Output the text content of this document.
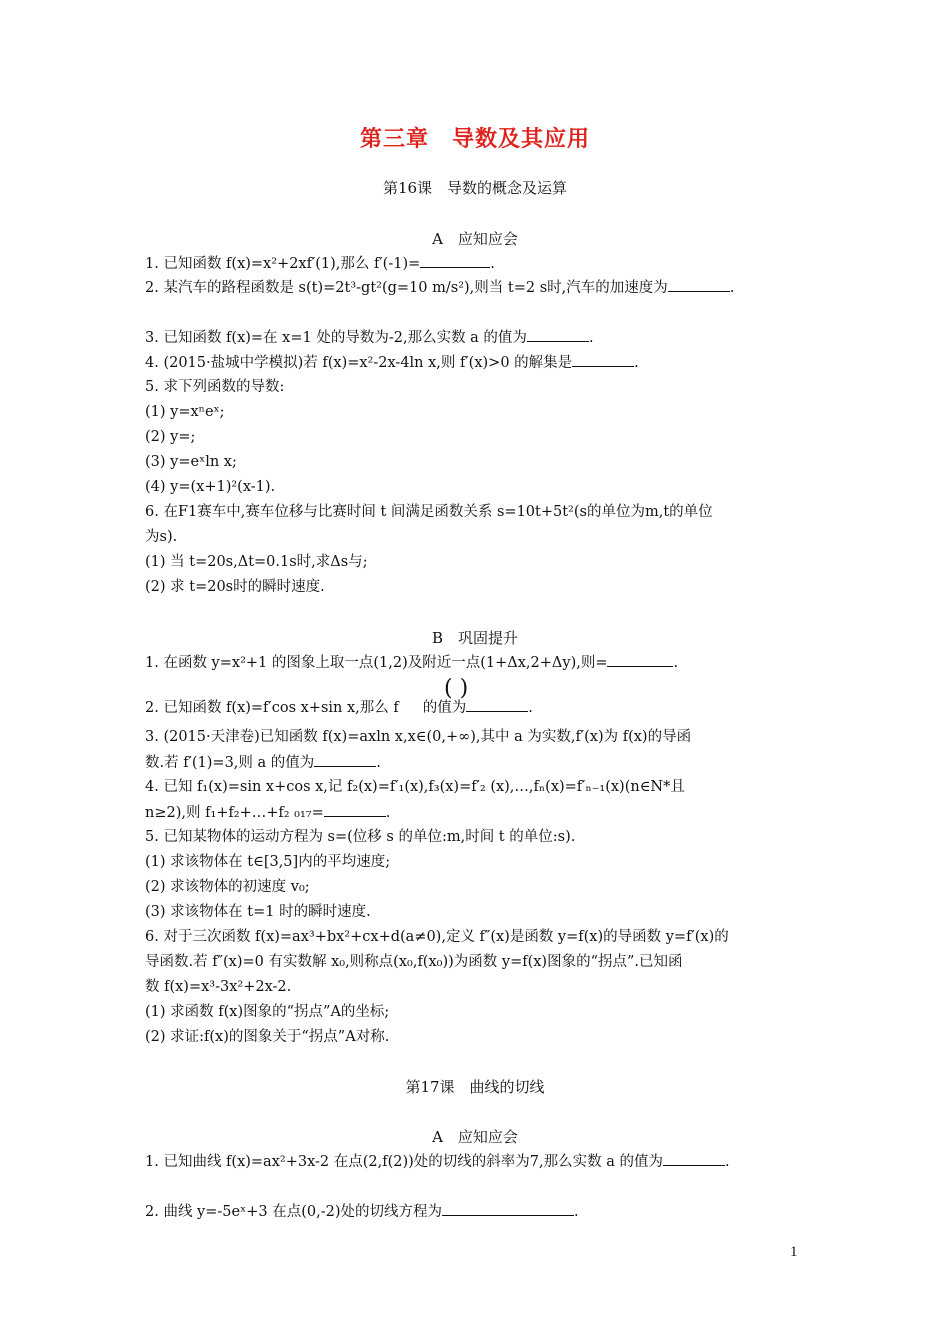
第三章　导数及其应用
第16课　导数的概念及运算
A　应知应会
1. 已知函数 f(x)=x²+2xf′(1),那么 f′(-1)=	.
2. 某汽车的路程函数是 s(t)=2t³-gt²(g=10 m/s²),则当 t=2 s时,汽车的加速度为	.
3. 已知函数 f(x)=在 x=1 处的导数为-2,那么实数 a 的值为	.
4. (2015·盐城中学模拟)若 f(x)=x²-2x-4ln x,则 f′(x)>0 的解集是	.
5. 求下列函数的导数:
(1) y=xⁿeˣ;
(2) y=;
(3) y=eˣln x;
(4) y=(x+1)²(x-1).
6. 在F1赛车中,赛车位移与比赛时间 t 间满足函数关系 s=10t+5t²(s的单位为m,t的单位
为s).
(1) 当 t=20s,Δt=0.1s时,求Δs与;
(2) 求 t=20s时的瞬时速度.
B　巩固提升
1. 在函数 y=x²+1 的图象上取一点(1,2)及附近一点(1+Δx,2+Δy),则=	.
2. 已知函数 f(x)=f′cos x+sin x,那么 f 的值为	.
( )
3. (2015·天津卷)已知函数 f(x)=axln x,x∈(0,+∞),其中 a 为实数,f′(x)为 f(x)的导函
数.若 f′(1)=3,则 a 的值为	.
4. 已知 f₁(x)=sin x+cos x,记 f₂(x)=f′₁(x),f₃(x)=f′₂ (x),…,fₙ(x)=f′ₙ₋₁(x)(n∈N*且
n≥2),则 f₁+f₂+…+f₂ ₀₁₇=	.
5. 已知某物体的运动方程为 s=(位移 s 的单位:m,时间 t 的单位:s).
(1) 求该物体在 t∈[3,5]内的平均速度;
(2) 求该物体的初速度 v₀;
(3) 求该物体在 t=1 时的瞬时速度.
6. 对于三次函数 f(x)=ax³+bx²+cx+d(a≠0),定义 f″(x)是函数 y=f(x)的导函数 y=f′(x)的
导函数.若 f″(x)=0 有实数解 x₀,则称点(x₀,f(x₀))为函数 y=f(x)图象的“拐点”.已知函
数 f(x)=x³-3x²+2x-2.
(1) 求函数 f(x)图象的“拐点”A的坐标;
(2) 求证:f(x)的图象关于“拐点”A对称.
第17课　曲线的切线
A　应知应会
1. 已知曲线 f(x)=ax²+3x-2 在点(2,f(2))处的切线的斜率为7,那么实数 a 的值为	.
2. 曲线 y=-5eˣ+3 在点(0,-2)处的切线方程为	.
1
